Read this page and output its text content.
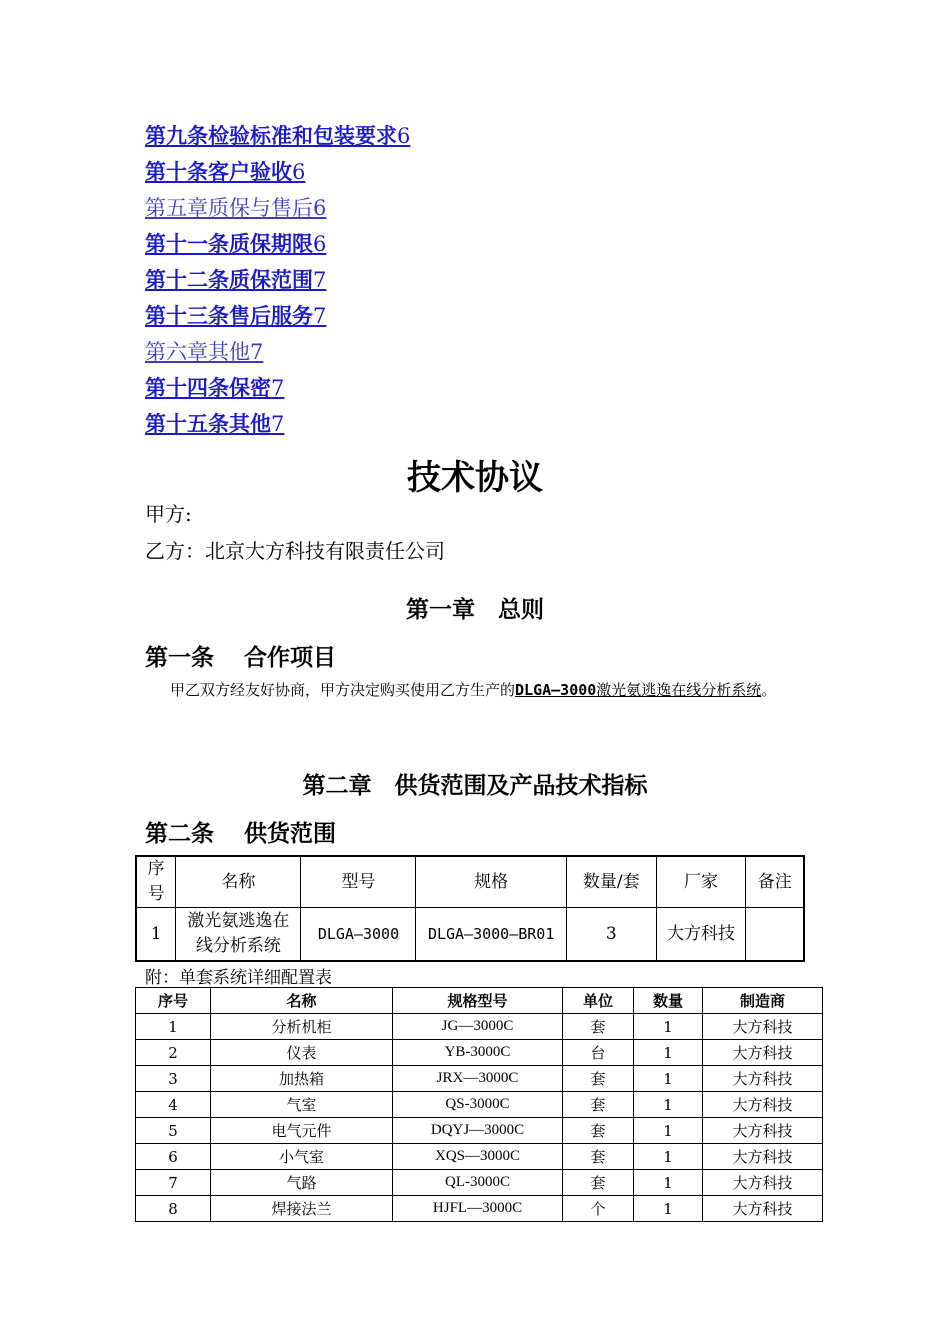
第九条检验标准和包装要求6
第十条客户验收6
第五章质保与售后6
第十一条质保期限6
第十二条质保范围7
第十三条售后服务7
第六章其他7
第十四条保密7
第十五条其他7
技术协议
甲方:
乙方：北京大方科技有限责任公司
第一章　总则
第一条 合作项目
甲乙双方经友好协商，甲方决定购买使用乙方生产的DLGA—3000激光氨逃逸在线分析系统。
第二章　供货范围及产品技术指标
第二条 供货范围
序号	名称	型号	规格	数量/套	厂家	备注
1	激光氨逃逸在线分析系统	DLGA—3000	DLGA—3000—BR01	3	大方科技	
附：单套系统详细配置表
序号	名称	规格型号	单位	数量	制造商
1	分析机柜	JG—3000C	套	1	大方科技
2	仪表	YB-3000C	台	1	大方科技
3	加热箱	JRX—3000C	套	1	大方科技
4	气室	QS-3000C	套	1	大方科技
5	电气元件	DQYJ—3000C	套	1	大方科技
6	小气室	XQS—3000C	套	1	大方科技
7	气路	QL-3000C	套	1	大方科技
8	焊接法兰	HJFL—3000C	个	1	大方科技
